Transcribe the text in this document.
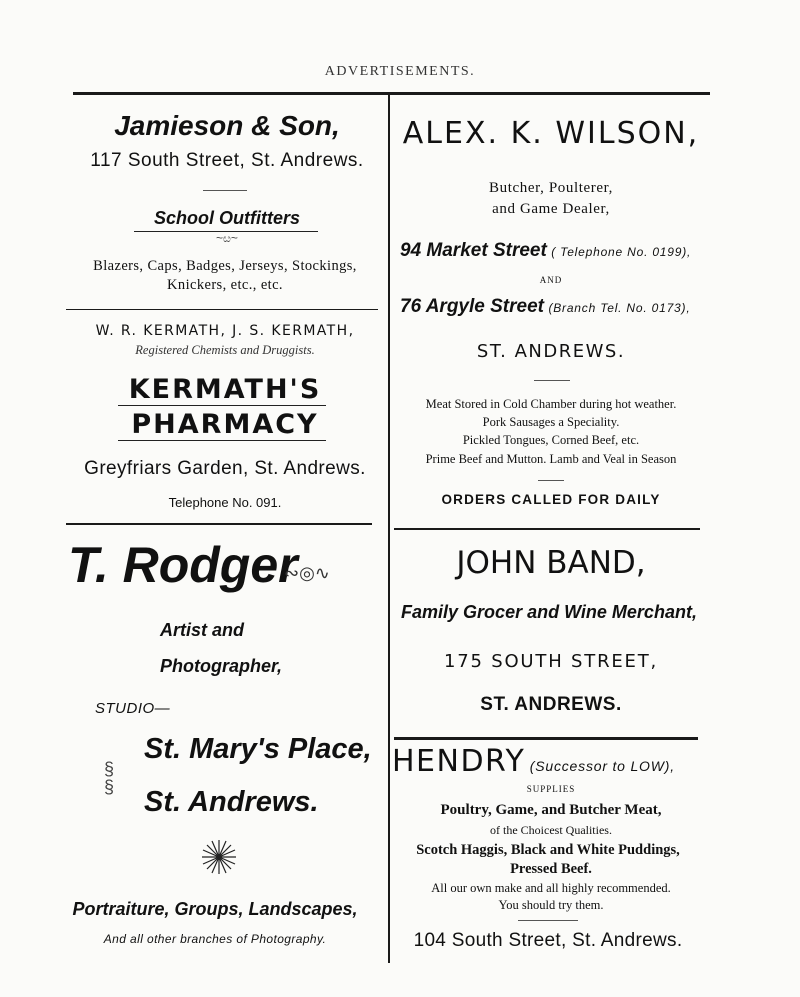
ADVERTISEMENTS.
Jamieson & Son,
117 South Street, St. Andrews.
School Outfitters
~ೞ~
Blazers, Caps, Badges, Jerseys, Stockings,
Knickers, etc., etc.
W. R. KERMATH, J. S. KERMATH,
Registered Chemists and Druggists.
KERMATH'S
PHARMACY
Greyfriars Garden, St. Andrews.
Telephone No. 091.
T. Rodger
∾◎∿
Artist and
Photographer,
STUDIO—
§
§
St. Mary's Place,
St. Andrews.
Portraiture, Groups, Landscapes,
And all other branches of Photography.
ALEX. K. WILSON,
Butcher, Poulterer,
and Game Dealer,
94 Market Street ( Telephone No. 0199),
AND
76 Argyle Street (Branch Tel. No. 0173),
ST. ANDREWS.
Meat Stored in Cold Chamber during hot weather.
Pork Sausages a Speciality.
Pickled Tongues, Corned Beef, etc.
Prime Beef and Mutton. Lamb and Veal in Season
ORDERS CALLED FOR DAILY
JOHN BAND,
Family Grocer and Wine Merchant,
175 SOUTH STREET,
ST. ANDREWS.
HENDRY (Successor to LOW),
SUPPLIES
Poultry, Game, and Butcher Meat,
of the Choicest Qualities.
Scotch Haggis, Black and White Puddings,
Pressed Beef.
All our own make and all highly recommended.
You should try them.
104 South Street, St. Andrews.
